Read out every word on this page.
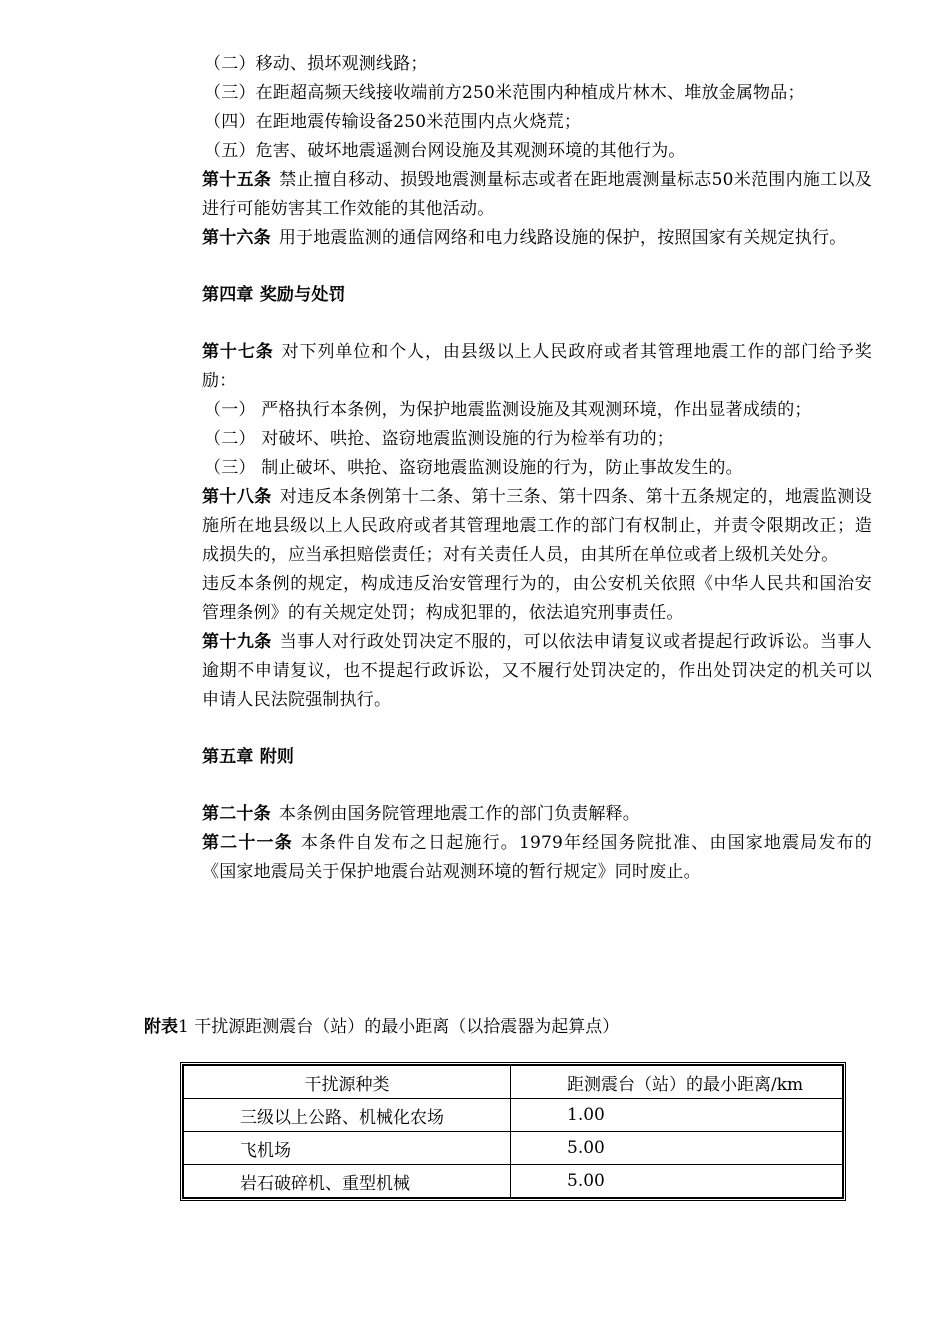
（二）移动、损坏观测线路；

（三）在距超高频天线接收端前方250米范围内种植成片林木、堆放金属物品；

（四）在距地震传输设备250米范围内点火烧荒；

（五）危害、破坏地震遥测台网设施及其观测环境的其他行为。

第十五条 禁止擅自移动、损毁地震测量标志或者在距地震测量标志50米范围内施工以及进行可能妨害其工作效能的其他活动。

第十六条 用于地震监测的通信网络和电力线路设施的保护，按照国家有关规定执行。

第四章 奖励与处罚

第十七条 对下列单位和个人，由县级以上人民政府或者其管理地震工作的部门给予奖励：

（一） 严格执行本条例，为保护地震监测设施及其观测环境，作出显著成绩的；

（二） 对破坏、哄抢、盗窃地震监测设施的行为检举有功的；

（三） 制止破坏、哄抢、盗窃地震监测设施的行为，防止事故发生的。

第十八条 对违反本条例第十二条、第十三条、第十四条、第十五条规定的，地震监测设施所在地县级以上人民政府或者其管理地震工作的部门有权制止，并责令限期改正；造成损失的，应当承担赔偿责任；对有关责任人员，由其所在单位或者上级机关处分。

违反本条例的规定，构成违反治安管理行为的，由公安机关依照《中华人民共和国治安管理条例》的有关规定处罚；构成犯罪的，依法追究刑事责任。

第十九条 当事人对行政处罚决定不服的，可以依法申请复议或者提起行政诉讼。当事人逾期不申请复议，也不提起行政诉讼，又不履行处罚决定的，作出处罚决定的机关可以申请人民法院强制执行。

第五章 附则

第二十条 本条例由国务院管理地震工作的部门负责解释。

第二十一条 本条件自发布之日起施行。1979年经国务院批准、由国家地震局发布的《国家地震局关于保护地震台站观测环境的暂行规定》同时废止。

附表1 干扰源距测震台（站）的最小距离（以拾震器为起算点）
干扰源种类	距测震台（站）的最小距离/km
三级以上公路、机械化农场	1.00
飞机场	5.00
岩石破碎机、重型机械	5.00
